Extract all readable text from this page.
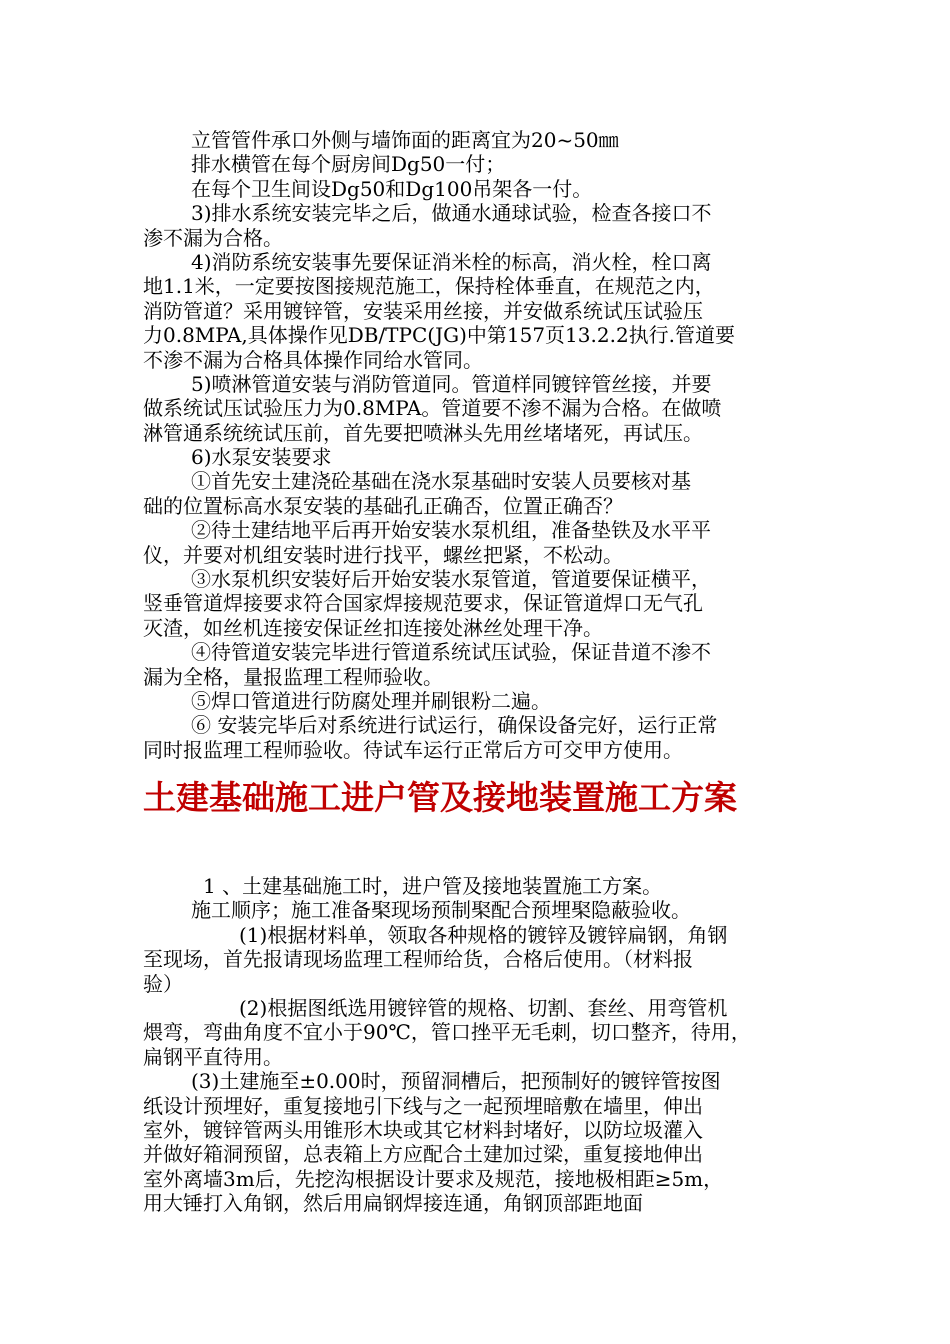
立管管件承口外侧与墙饰面的距离宜为20~50㎜
排水横管在每个厨房间Dg50一付；
在每个卫生间设Dg50和Dg100吊架各一付。
3)排水系统安装完毕之后，做通水通球试验，检查各接口不
渗不漏为合格。
4)消防系统安装事先要保证消米栓的标高，消火栓，栓口离
地1.1米，一定要按图接规范施工，保持栓体垂直，在规范之内，
消防管道？采用镀锌管，安装采用丝接，并安做系统试压试验压
力0.8MPA,具体操作见DB/TPC(JG)中第157页13.2.2执行.管道要
不渗不漏为合格具体操作同给水管同。
5)喷淋管道安装与消防管道同。管道样同镀锌管丝接，并要
做系统试压试验压力为0.8MPA。管道要不渗不漏为合格。在做喷
淋管通系统统试压前，首先要把喷淋头先用丝堵堵死，再试压。
6)水泵安装要求
①首先安土建浇砼基础在浇水泵基础时安装人员要核对基
础的位置标高水泵安装的基础孔正确否，位置正确否？
②待土建结地平后再开始安装水泵机组，准备垫铁及水平平
仪，并要对机组安装时进行找平，螺丝把紧，不松动。
③水泵机织安装好后开始安装水泵管道，管道要保证横平，
竖垂管道焊接要求符合国家焊接规范要求，保证管道焊口无气孔
灭渣，如丝机连接安保证丝扣连接处淋丝处理干净。
④待管道安装完毕进行管道系统试压试验，保证昔道不渗不
漏为全格，量报监理工程师验收。
⑤焊口管道进行防腐处理并刷银粉二遍。
⑥ 安装完毕后对系统进行试运行，确保设备完好，运行正常
同时报监理工程师验收。待试车运行正常后方可交甲方使用。
土建基础施工进户管及接地装置施工方案
1 、土建基础施工时，进户管及接地装置施工方案。
施工顺序；施工准备棸现场预制棸配合预埋棸隐蔽验收。
(1)根据材料单，领取各种规格的镀锌及镀锌扁钢，角钢
至现场，首先报请现场监理工程师给货，合格后使用。（材料报
验）
(2)根据图纸选用镀锌管的规格、切割、套丝、用弯管机
煨弯，弯曲角度不宜小于90℃，管口挫平无毛刺，切口整齐，待用，
扁钢平直待用。
(3)土建施至±0.00时，预留洞槽后，把预制好的镀锌管按图
纸设计预埋好，重复接地引下线与之一起预埋暗敷在墙里，伸出
室外，镀锌管两头用锥形木块或其它材料封堵好，以防垃圾灌入
并做好箱洞预留，总表箱上方应配合土建加过梁，重复接地伸出
室外离墙3m后，先挖沟根据设计要求及规范，接地极相距≥5m，
用大锤打入角钢，然后用扁钢焊接连通，角钢顶部距地面
